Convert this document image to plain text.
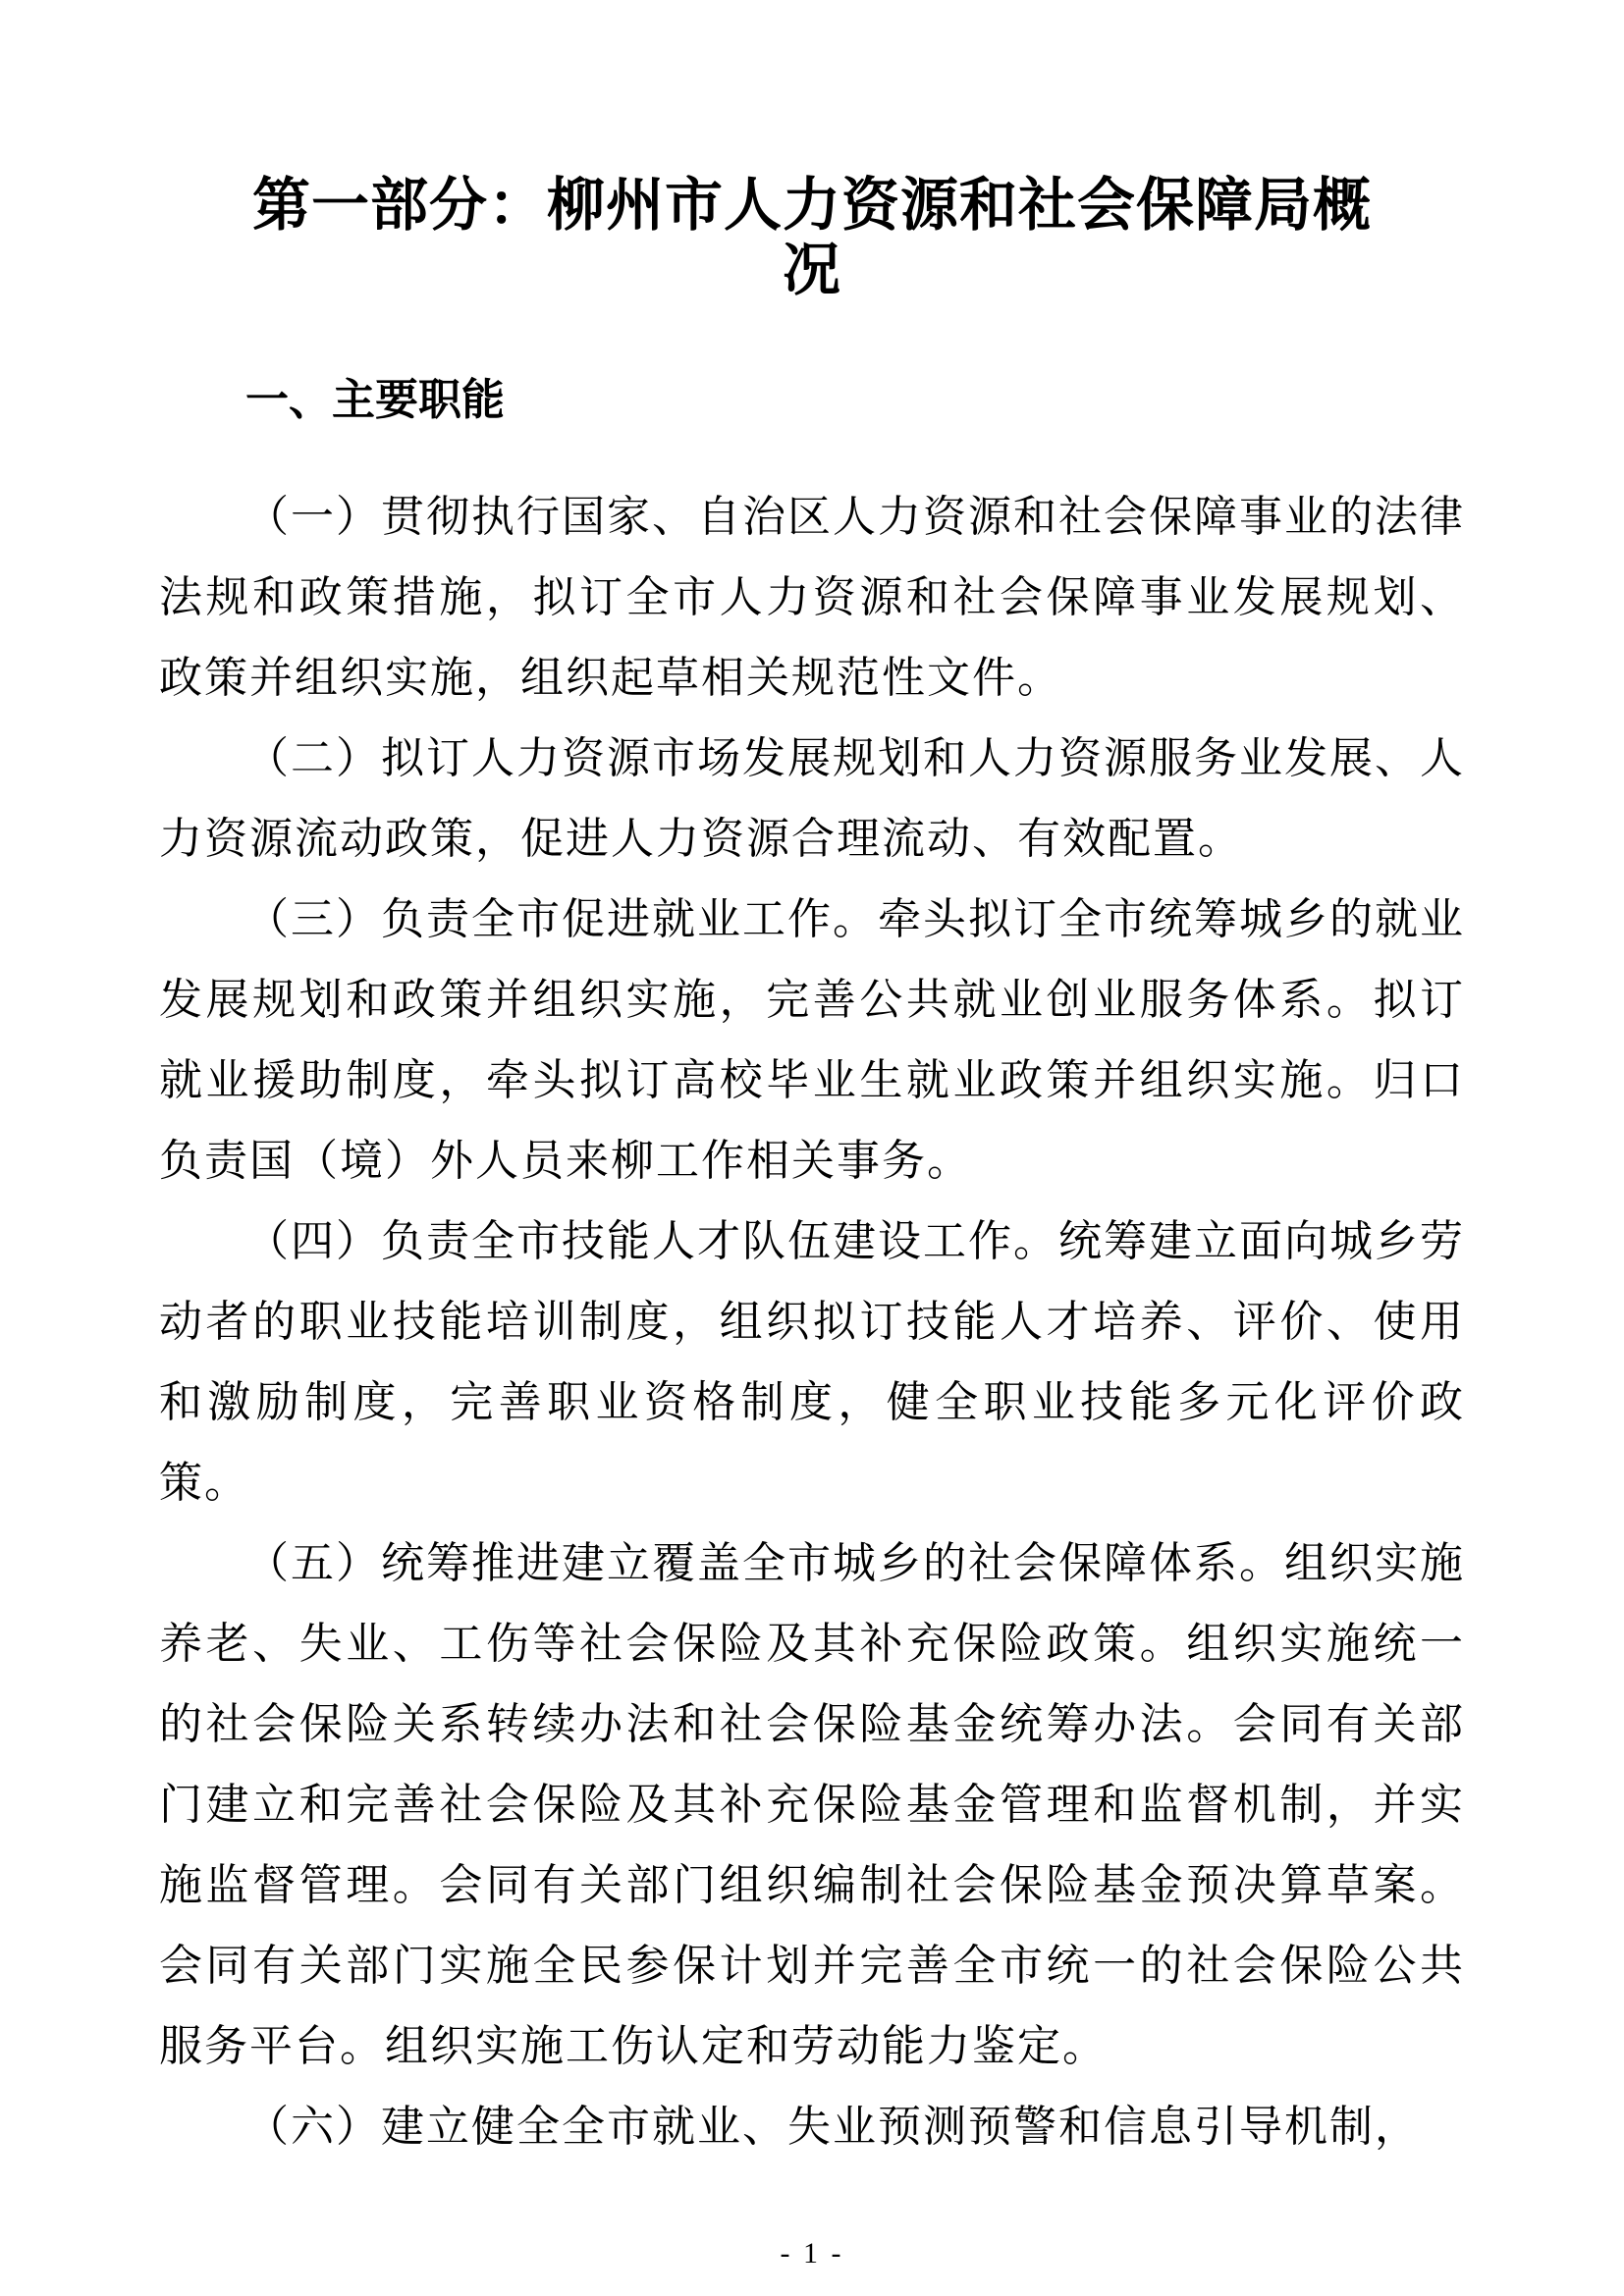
第一部分：柳州市人力资源和社会保障局概
况
一、主要职能

（一）贯彻执行国家、自治区人力资源和社会保障事业的法律法规和政策措施，拟订全市人力资源和社会保障事业发展规划、政策并组织实施，组织起草相关规范性文件。

（二）拟订人力资源市场发展规划和人力资源服务业发展、人力资源流动政策，促进人力资源合理流动、有效配置。

（三）负责全市促进就业工作。牵头拟订全市统筹城乡的就业发展规划和政策并组织实施，完善公共就业创业服务体系。拟订就业援助制度，牵头拟订高校毕业生就业政策并组织实施。归口负责国（境）外人员来柳工作相关事务。

（四）负责全市技能人才队伍建设工作。统筹建立面向城乡劳动者的职业技能培训制度，组织拟订技能人才培养、评价、使用和激励制度，完善职业资格制度，健全职业技能多元化评价政策。

（五）统筹推进建立覆盖全市城乡的社会保障体系。组织实施养老、失业、工伤等社会保险及其补充保险政策。组织实施统一的社会保险关系转续办法和社会保险基金统筹办法。会同有关部门建立和完善社会保险及其补充保险基金管理和监督机制，并实施监督管理。会同有关部门组织编制社会保险基金预决算草案。会同有关部门实施全民参保计划并完善全市统一的社会保险公共服务平台。组织实施工伤认定和劳动能力鉴定。

（六）建立健全全市就业、失业预测预警和信息引导机制，

- 1 -
